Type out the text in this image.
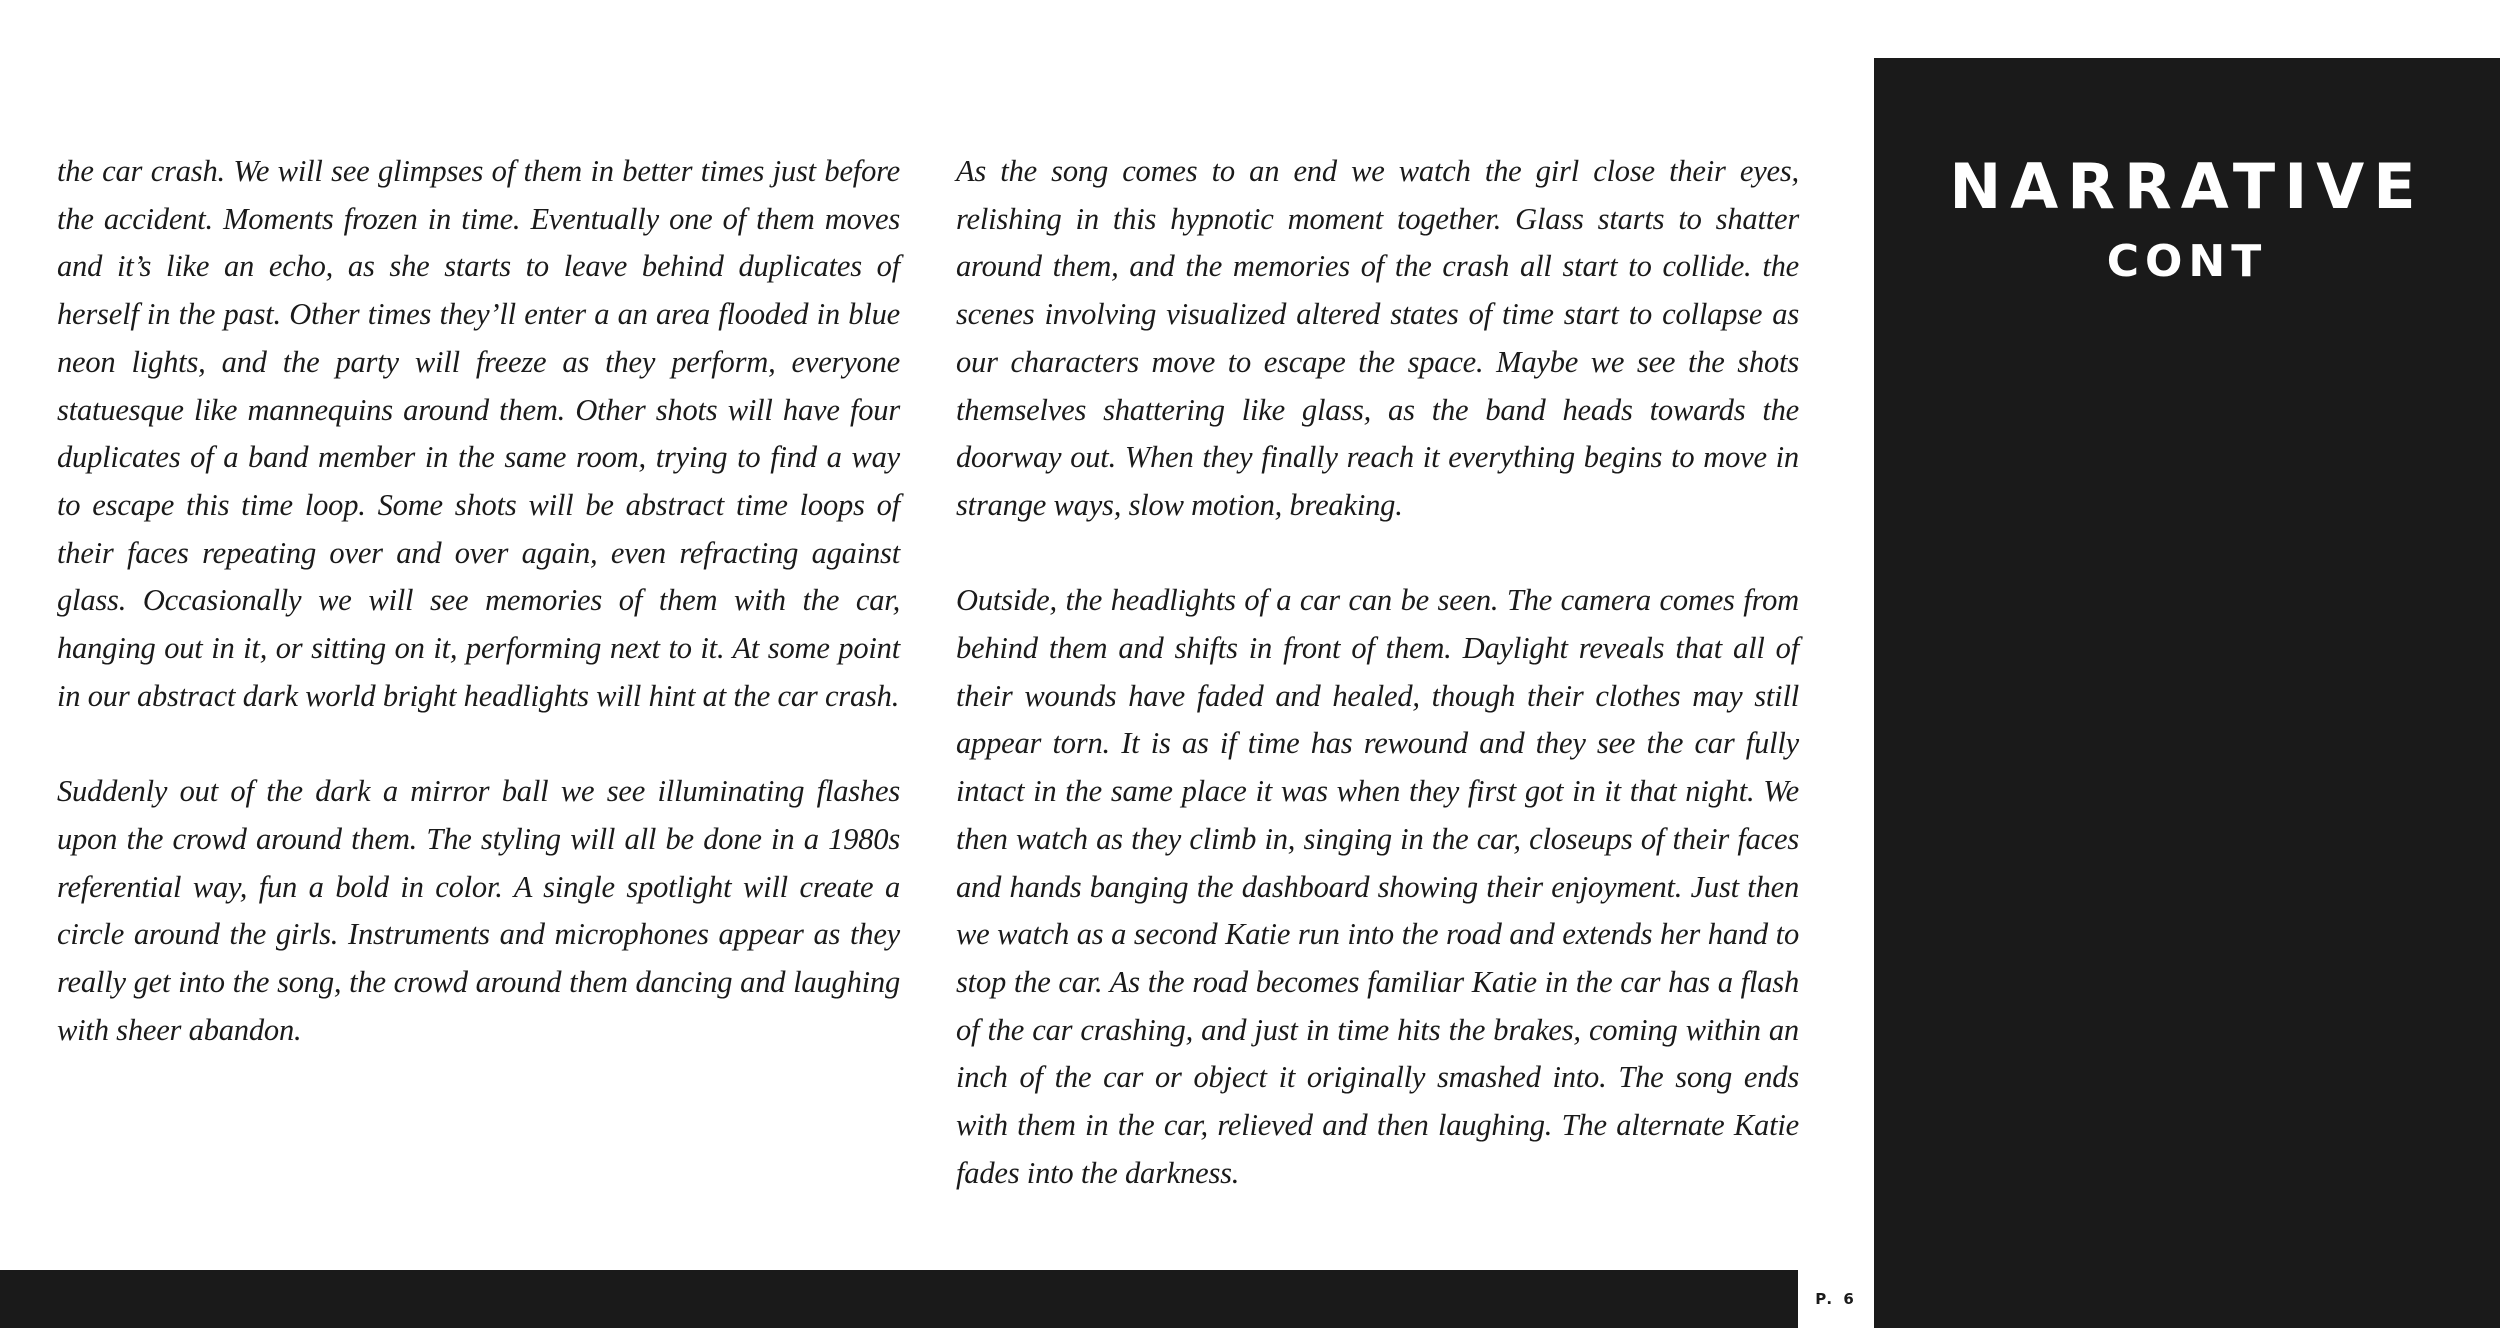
the car crash. We will see glimpses of them in better times just before the accident. Moments frozen in time. Eventually one of them moves and it’s like an echo, as she starts to leave behind duplicates of herself in the past. Other times they’ll enter a an area flooded in blue neon lights, and the party will freeze as they perform, everyone statuesque like mannequins around them. Other shots will have four duplicates of a band member in the same room, trying to find a way to escape this time loop. Some shots will be abstract time loops of their faces repeating over and over again, even refracting against glass. Occasionally we will see memories of them with the car, hanging out in it, or sitting on it, performing next to it. At some point in our abstract dark world bright headlights will hint at the car crash.

Suddenly out of the dark a mirror ball we see illuminating flashes upon the crowd around them. The styling will all be done in a 1980s referential way, fun a bold in color. A single spotlight will create a circle around the girls. Instruments and microphones appear as they really get into the song, the crowd around them dancing and laughing with sheer abandon.

As the song comes to an end we watch the girl close their eyes, relishing in this hypnotic moment together. Glass starts to shatter around them, and the memories of the crash all start to collide. the scenes involving visualized altered states of time start to collapse as our characters move to escape the space. Maybe we see the shots themselves shattering like glass, as the band heads towards the doorway out. When they finally reach it everything begins to move in strange ways, slow motion, breaking.

Outside, the headlights of a car can be seen. The camera comes from behind them and shifts in front of them. Daylight reveals that all of their wounds have faded and healed, though their clothes may still appear torn. It is as if time has rewound and they see the car fully intact in the same place it was when they first got in it that night. We then watch as they climb in, singing in the car, closeups of their faces and hands banging the dashboard showing their enjoyment. Just then we watch as a second Katie run into the road and extends her hand to stop the car. As the road becomes familiar Katie in the car has a flash of the car crashing, and just in time hits the brakes, coming within an inch of the car or object it originally smashed into. The song ends with them in the car, relieved and then laughing. The alternate Katie fades into the darkness.

NARRATIVE
CONT
P. 6
